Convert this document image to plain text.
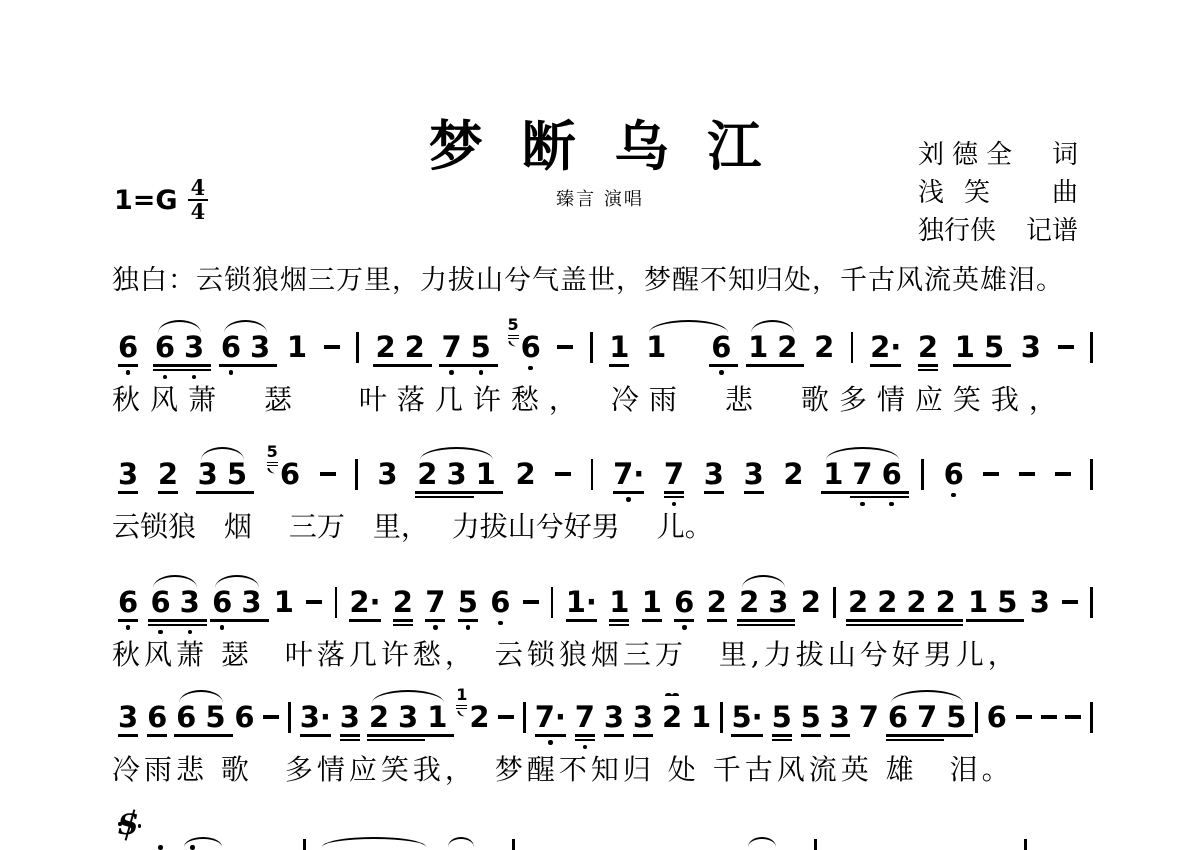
梦 断 乌 江
臻言 演唱
1=G 4
4
刘德全 词
浅笑 曲
独行侠 记谱
独白：云锁狼烟三万里，力拔山兮气盖世，梦醒不知归处，千古风流英雄泪。
6 6 3 6 3 1 2 2 7 5
5
6 1 1 6 1 2 2 2· 2 1 5 3
秋风萧　瑟　 叶落几许愁，　冷雨　悲　歌多情应笑我，
3 2 3 5
5
6	3 2 3 1 2	7· 7 3 3 2 1 7 6 6
云锁狼　烟　 三万　里，　 力拔山兮好男　 儿。
6 6 3 6 3 1 2· 2 7 5 6 1· 1 1 6 2 2 3 2 2 2 2 2 1 5 3
秋风萧 瑟　叶落几许愁，　云锁狼烟三万　里,力拔山兮好男儿，
3 6 6 5 6 3· 3 2 3 1
1
2 7· 7 3 3 2 1 5· 5 5 3 7 6 7 5 6
冷雨悲 歌　多情应笑我，　梦醒不知归 处 千古风流英 雄　泪。
